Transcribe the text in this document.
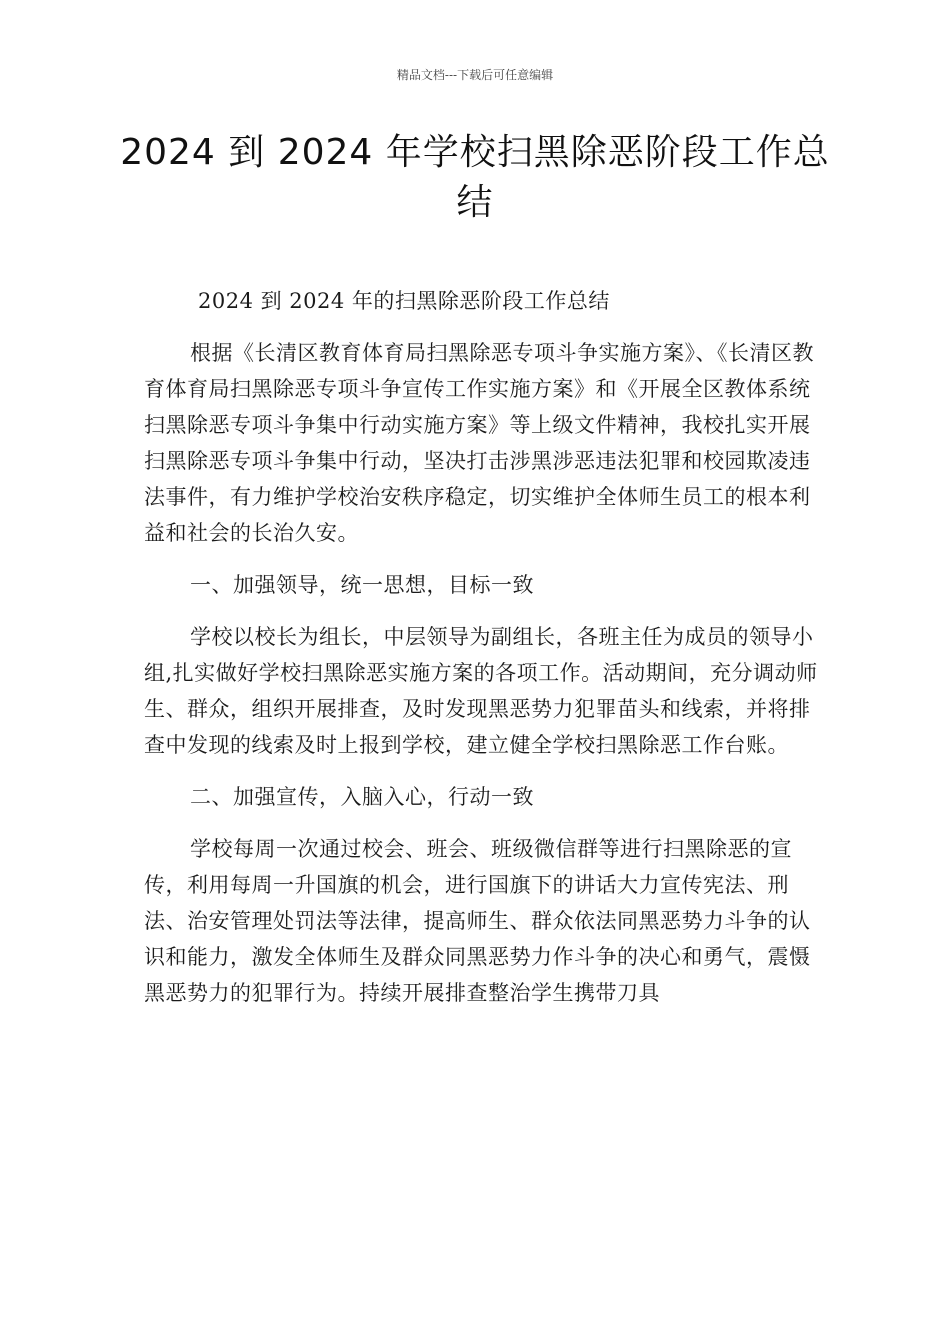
精品文档---下载后可任意编辑
2024 到 2024 年学校扫黑除恶阶段工作总结

2024 到 2024 年的扫黑除恶阶段工作总结

根据《长清区教育体育局扫黑除恶专项斗争实施方案》、《长清区教育体育局扫黑除恶专项斗争宣传工作实施方案》和《开展全区教体系统扫黑除恶专项斗争集中行动实施方案》等上级文件精神，我校扎实开展扫黑除恶专项斗争集中行动，坚决打击涉黑涉恶违法犯罪和校园欺凌违法事件，有力维护学校治安秩序稳定，切实维护全体师生员工的根本利益和社会的长治久安。

一、加强领导，统一思想，目标一致

学校以校长为组长，中层领导为副组长，各班主任为成员的领导小组,扎实做好学校扫黑除恶实施方案的各项工作。活动期间，充分调动师生、群众，组织开展排查，及时发现黑恶势力犯罪苗头和线索，并将排查中发现的线索及时上报到学校，建立健全学校扫黑除恶工作台账。

二、加强宣传，入脑入心，行动一致

学校每周一次通过校会、班会、班级微信群等进行扫黑除恶的宣传，利用每周一升国旗的机会，进行国旗下的讲话大力宣传宪法、刑法、治安管理处罚法等法律，提高师生、群众依法同黑恶势力斗争的认识和能力，激发全体师生及群众同黑恶势力作斗争的决心和勇气，震慑黑恶势力的犯罪行为。持续开展排查整治学生携带刀具
